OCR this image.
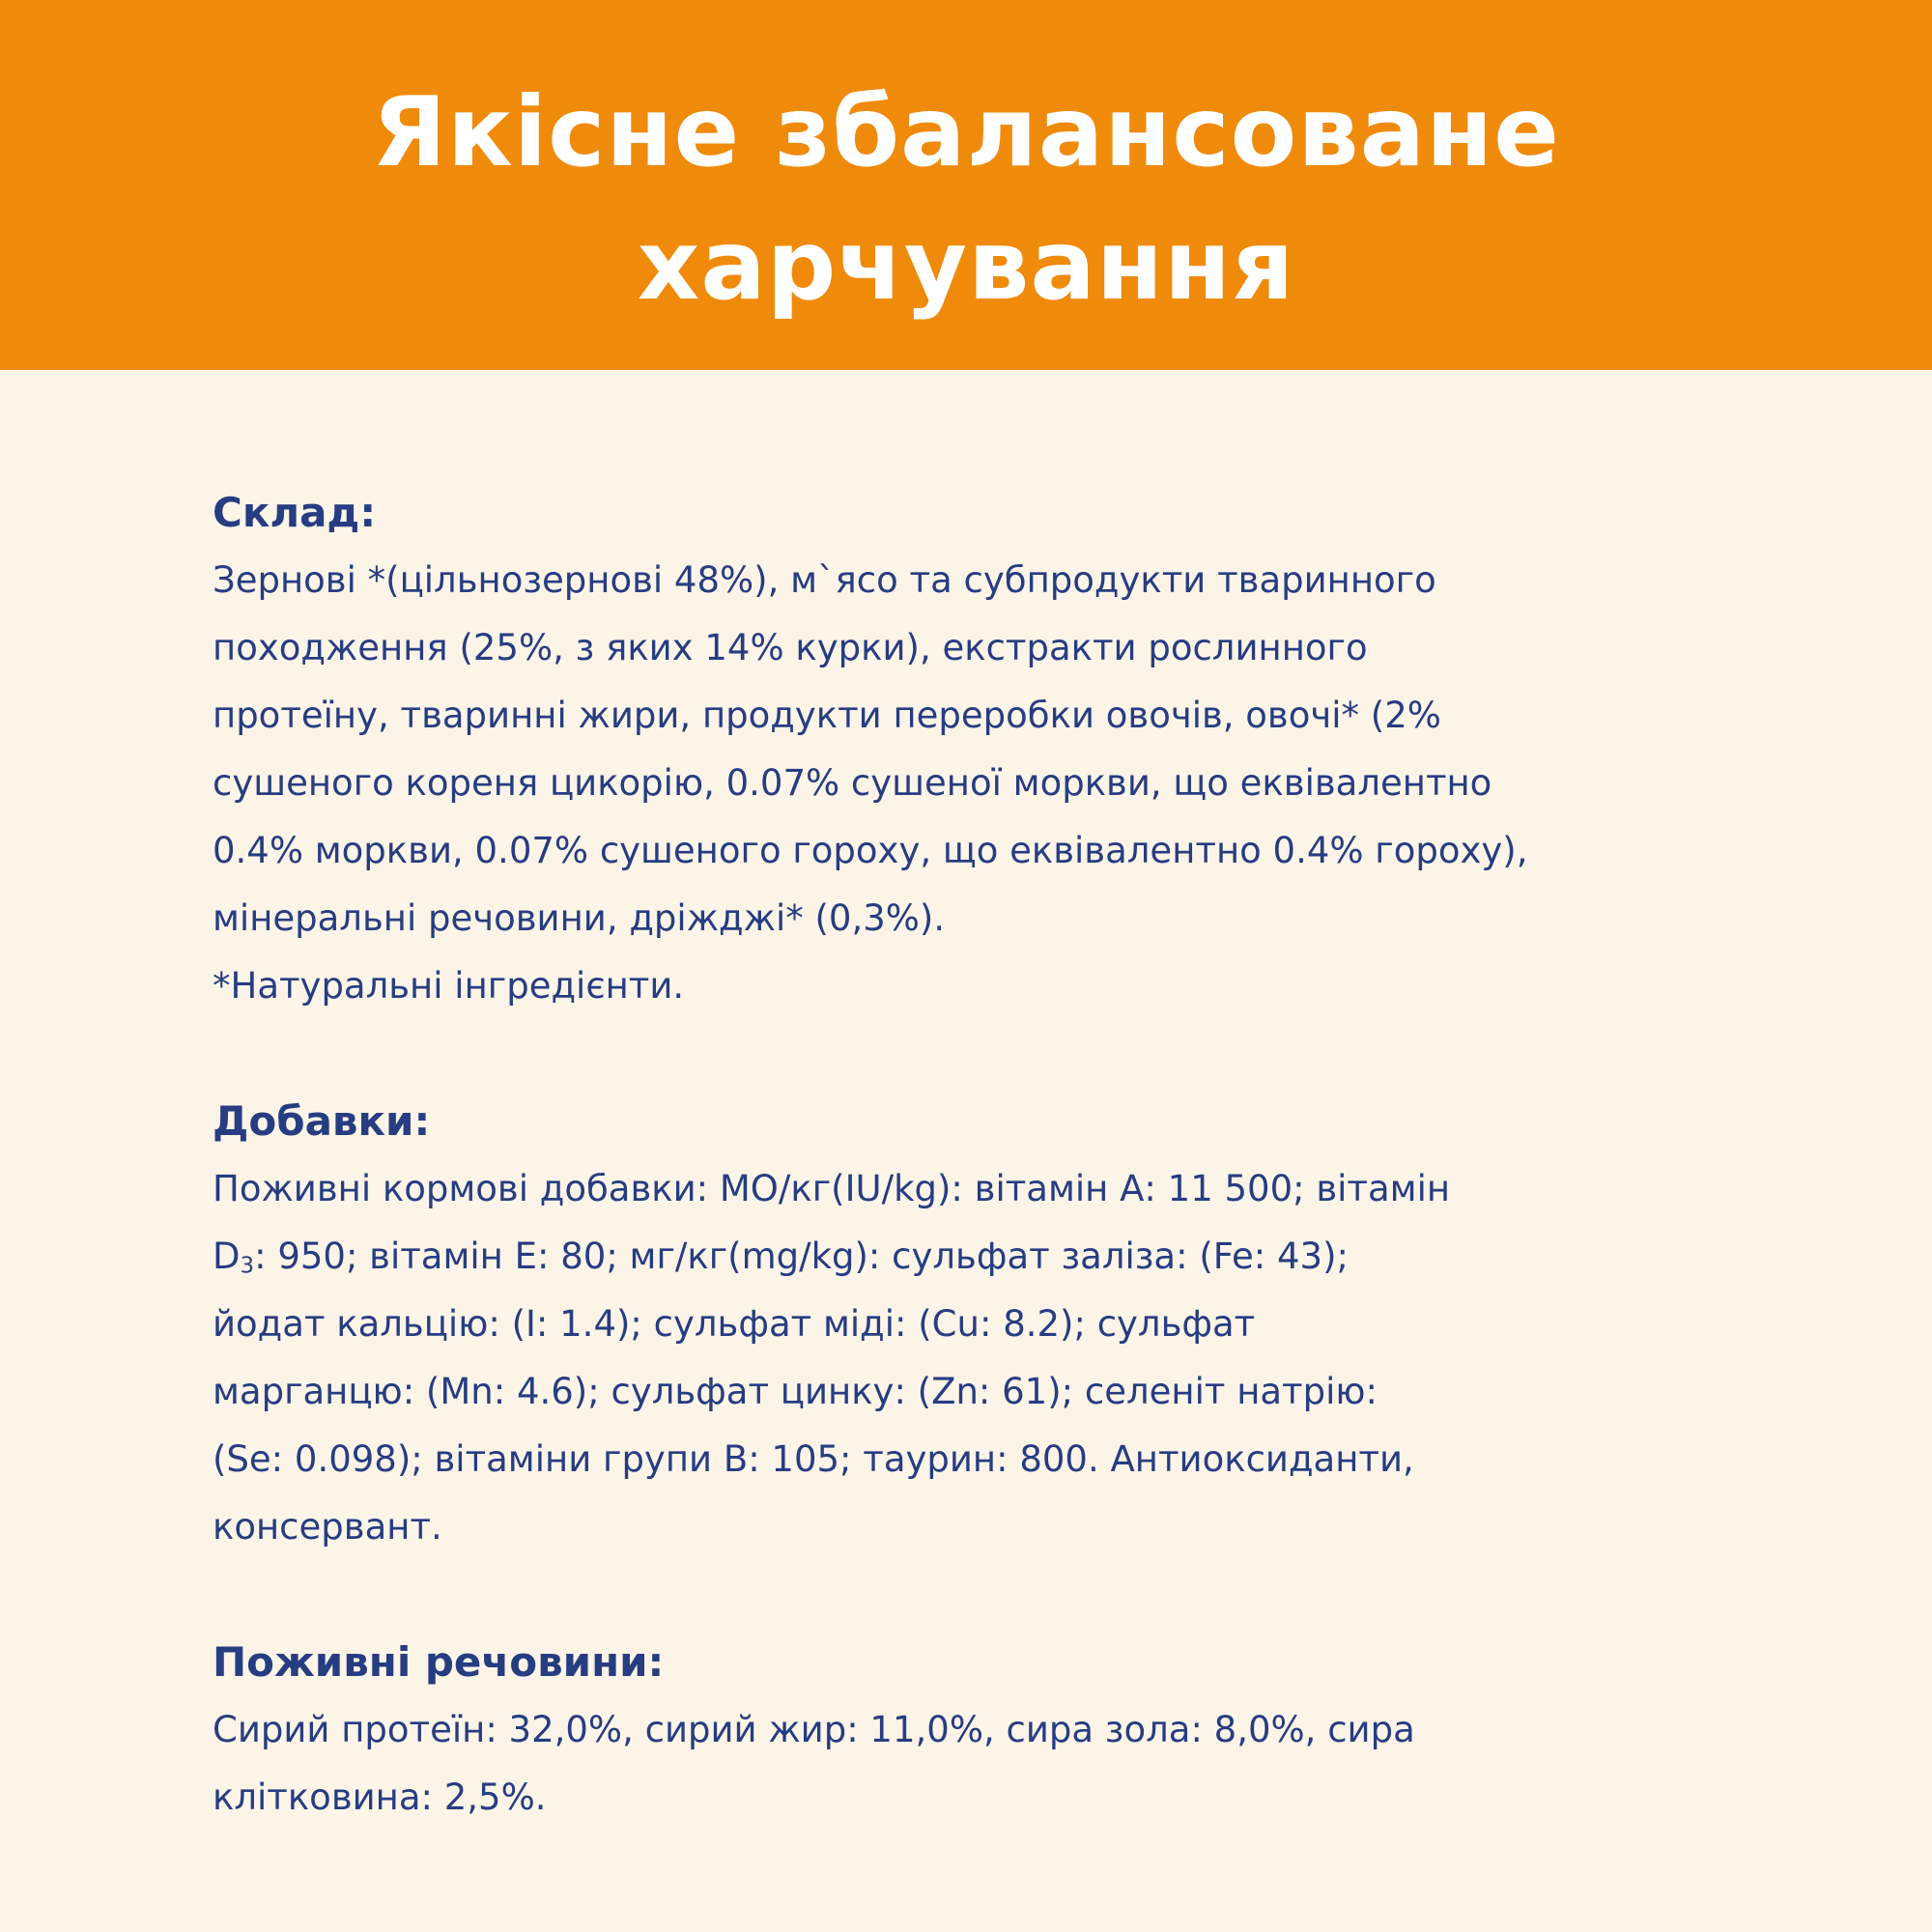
Якісне збалансоване
харчування
Склад:

Зернові *(цільнозернові 48%), м`ясо та субпродукти тваринного
походження (25%, з яких 14% курки), екстракти рослинного
протеїну, тваринні жири, продукти переробки овочів, овочі* (2%
сушеного кореня цикорію, 0.07% сушеної моркви, що еквівалентно
0.4% моркви, 0.07% сушеного гороху, що еквівалентно 0.4% гороху),
мінеральні речовини, дріжджі* (0,3%).
*Натуральні інгредієнти.

Добавки:

Поживні кормові добавки: МО/кг(IU/kg): вітамін А: 11 500; вітамін
D3: 950; вітамін Е: 80; мг/кг(mg/kg): сульфат заліза: (Fe: 43);
йодат кальцію: (I: 1.4); сульфат міді: (Cu: 8.2); сульфат
марганцю: (Mn: 4.6); сульфат цинку: (Zn: 61); селеніт натрію:
(Se: 0.098); вітаміни групи В: 105; таурин: 800. Антиоксиданти,
консервант.

Поживні речовини:

Сирий протеїн: 32,0%, сирий жир: 11,0%, сира зола: 8,0%, сира
клітковина: 2,5%.
